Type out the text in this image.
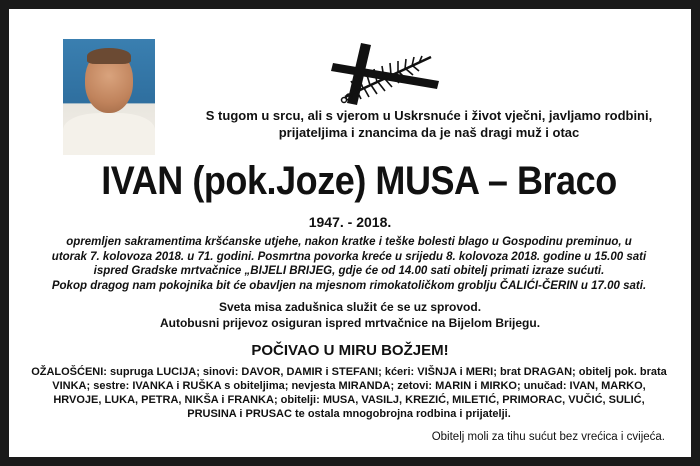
S tugom u srcu, ali s vjerom u Uskrsnuće i život vječni, javljamo rodbini,
prijateljima i znancima da je naš dragi muž i otac
IVAN (pok.Joze) MUSA – Braco
1947. - 2018.
opremljen sakramentima kršćanske utjehe, nakon kratke i teške bolesti blago u Gospodinu preminuo, u
utorak 7. kolovoza 2018. u 71. godini. Posmrtna povorka kreće u srijedu 8. kolovoza 2018. godine u 15.00 sati
ispred Gradske mrtvačnice „BIJELI BRIJEG, gdje će od 14.00 sati obitelj primati izraze sućuti.
Pokop dragog nam pokojnika bit će obavljen na mjesnom rimokatoličkom groblju ČALIĆI-ČERIN u 17.00 sati.
Sveta misa zadušnica služit će se uz sprovod.
Autobusni prijevoz osiguran ispred mrtvačnice na Bijelom Brijegu.
POČIVAO U MIRU BOŽJEM!
OŽALOŠĆENI: supruga LUCIJA; sinovi: DAVOR, DAMIR i STEFANI; kćeri: VIŠNJA i MERI; brat DRAGAN; obitelj pok. brata
VINKA; sestre: IVANKA i RUŠKA s obiteljima; nevjesta MIRANDA; zetovi: MARIN i MIRKO; unučad: IVAN, MARKO,
HRVOJE, LUKA, PETRA, NIKŠA i FRANKA; obitelji: MUSA, VASILJ, KREZIĆ, MILETIĆ, PRIMORAC, VUČIĆ, SULIĆ,
PRUSINA i PRUSAC te ostala mnogobrojna rodbina i prijatelji.
Obitelj moli za tihu sućut bez vrećica i cvijeća.
